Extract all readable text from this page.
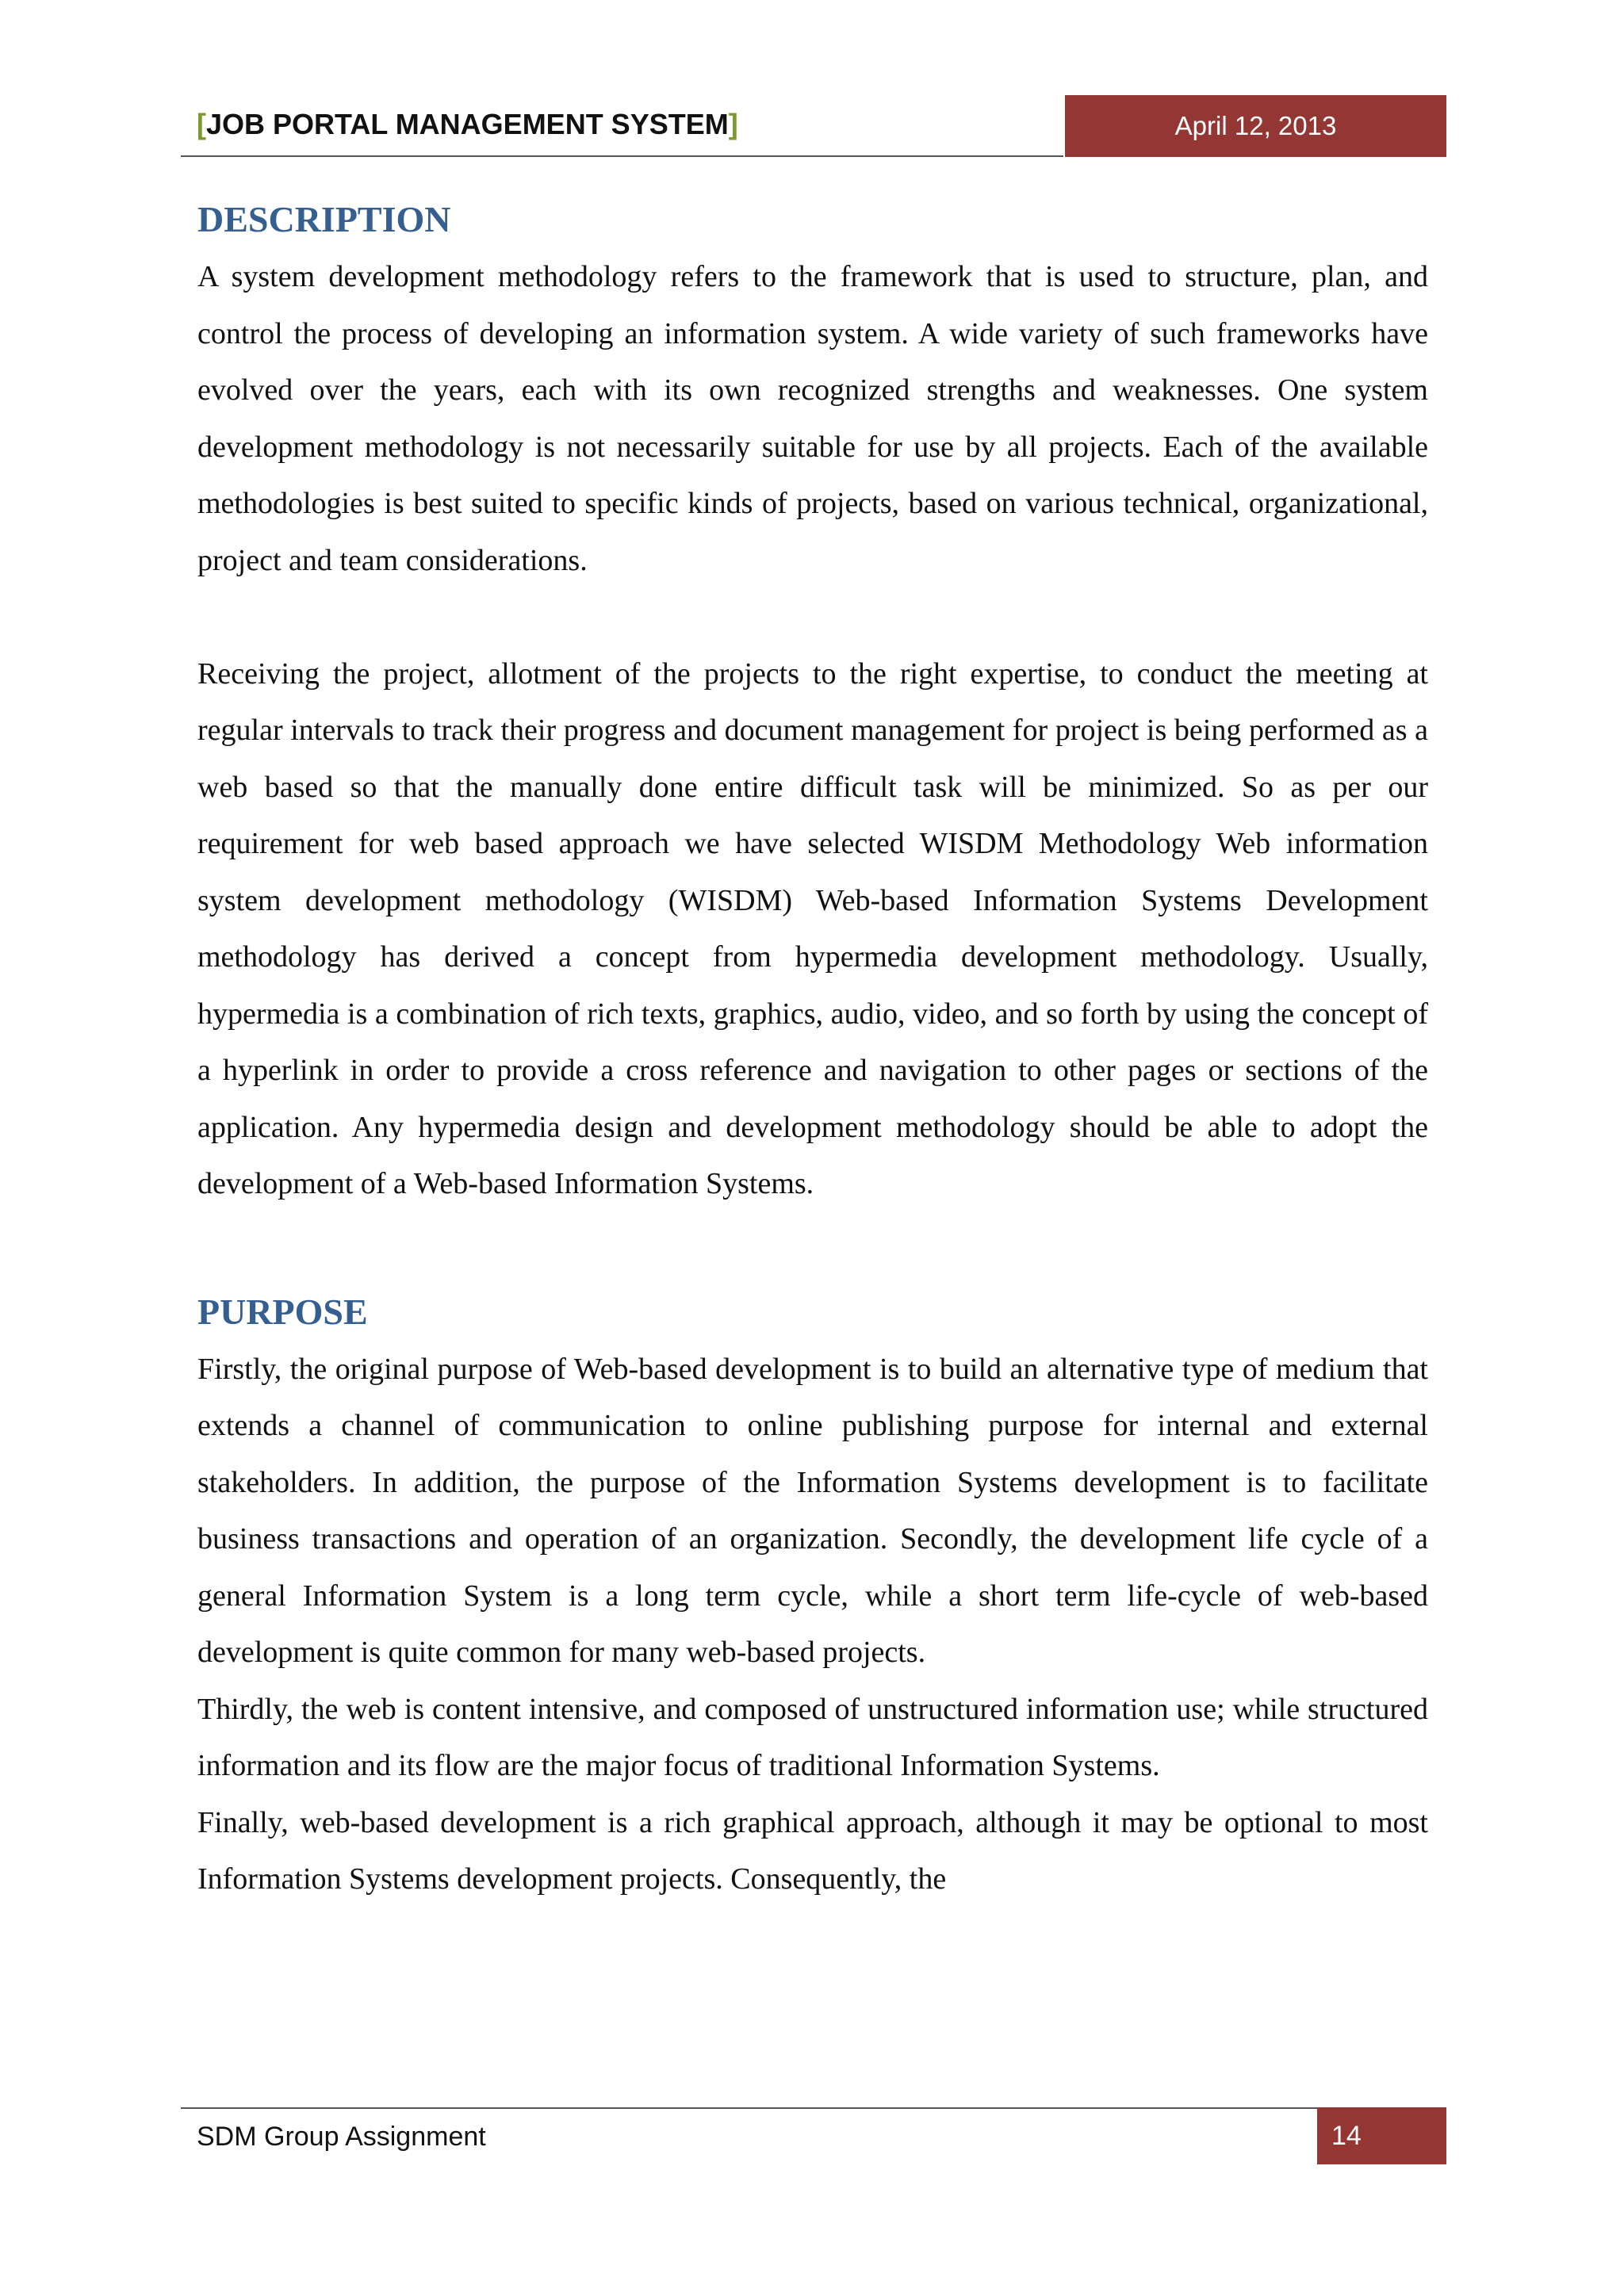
[JOB PORTAL MANAGEMENT SYSTEM]	April 12, 2013
DESCRIPTION

A system development methodology refers to the framework that is used to structure, plan, and control the process of developing an information system. A wide variety of such frameworks have evolved over the years, each with its own recognized strengths and weaknesses. One system development methodology is not necessarily suitable for use by all projects. Each of the available methodologies is best suited to specific kinds of projects, based on various technical, organizational, project and team considerations.

Receiving the project, allotment of the projects to the right expertise, to conduct the meeting at regular intervals to track their progress and document management for project is being performed as a web based so that the manually done entire difficult task will be minimized. So as per our requirement for web based approach we have selected WISDM Methodology Web information system development methodology (WISDM) Web-based Information Systems Development methodology has derived a concept from hypermedia development methodology. Usually, hypermedia is a combination of rich texts, graphics, audio, video, and so forth by using the concept of a hyperlink in order to provide a cross reference and navigation to other pages or sections of the application. Any hypermedia design and development methodology should be able to adopt the development of a Web-based Information Systems.

PURPOSE

Firstly, the original purpose of Web-based development is to build an alternative type of medium that extends a channel of communication to online publishing purpose for internal and external stakeholders. In addition, the purpose of the Information Systems development is to facilitate business transactions and operation of an organization. Secondly, the development life cycle of a general Information System is a long term cycle, while a short term life-cycle of web-based development is quite common for many web-based projects.

Thirdly, the web is content intensive, and composed of unstructured information use; while structured information and its flow are the major focus of traditional Information Systems.

Finally, web-based development is a rich graphical approach, although it may be optional to most Information Systems development projects. Consequently, the

SDM Group Assignment	14
